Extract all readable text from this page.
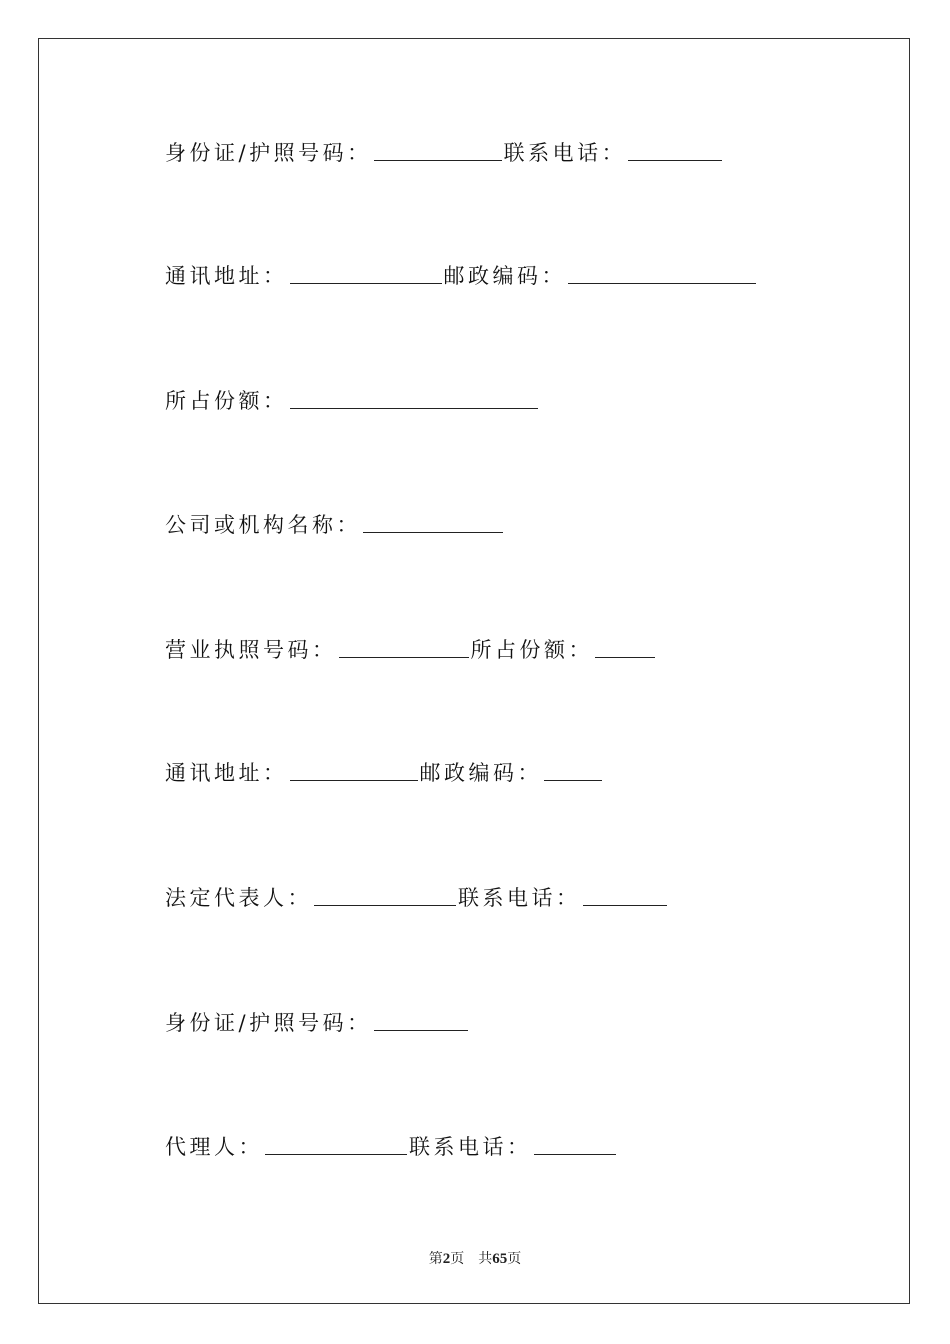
身份证/护照号码：	联系电话：
通讯地址：	邮政编码：
所占份额：
公司或机构名称：
营业执照号码：	所占份额：
通讯地址：	邮政编码：
法定代表人：	联系电话：
身份证/护照号码：
代理人：	联系电话：
第2页 共65页
